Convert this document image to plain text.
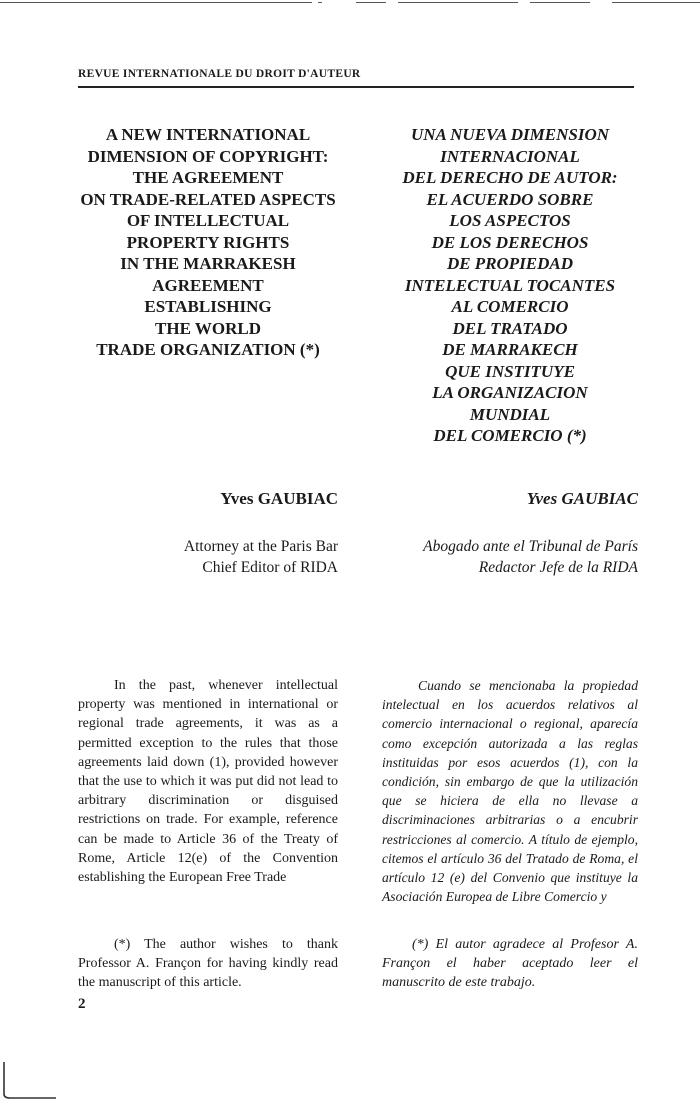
REVUE INTERNATIONALE DU DROIT D'AUTEUR
A NEW INTERNATIONAL
DIMENSION OF COPYRIGHT:
THE AGREEMENT
ON TRADE-RELATED ASPECTS
OF INTELLECTUAL
PROPERTY RIGHTS
IN THE MARRAKESH
AGREEMENT
ESTABLISHING
THE WORLD
TRADE ORGANIZATION (*)
UNA NUEVA DIMENSION
INTERNACIONAL
DEL DERECHO DE AUTOR:
EL ACUERDO SOBRE
LOS ASPECTOS
DE LOS DERECHOS
DE PROPIEDAD
INTELECTUAL TOCANTES
AL COMERCIO
DEL TRATADO
DE MARRAKECH
QUE INSTITUYE
LA ORGANIZACION
MUNDIAL
DEL COMERCIO (*)
Yves GAUBIAC	Yves GAUBIAC
Attorney at the Paris Bar
Chief Editor of RIDA
Abogado ante el Tribunal de París
Redactor Jefe de la RIDA
In the past, whenever intellectual property was mentioned in international or regional trade agreements, it was as a permitted exception to the rules that those agreements laid down (1), provided however that the use to which it was put did not lead to arbitrary discrimination or disguised restrictions on trade. For example, reference can be made to Article 36 of the Treaty of Rome, Article 12(e) of the Convention establishing the European Free Trade
Cuando se mencionaba la propiedad intelectual en los acuerdos relativos al comercio internacional o regional, aparecía como excepción autorizada a las reglas instituidas por esos acuerdos (1), con la condición, sin embargo de que la utilización que se hiciera de ella no llevase a discriminaciones arbitrarias o a encubrir restricciones al comercio. A título de ejemplo, citemos el artículo 36 del Tratado de Roma, el artículo 12 (e) del Convenio que instituye la Asociación Europea de Libre Comercio y
(*) The author wishes to thank Professor A. Françon for having kindly read the manuscript of this article.
(*) El autor agradece al Profesor A. Françon el haber aceptado leer el manuscrito de este trabajo.
2
